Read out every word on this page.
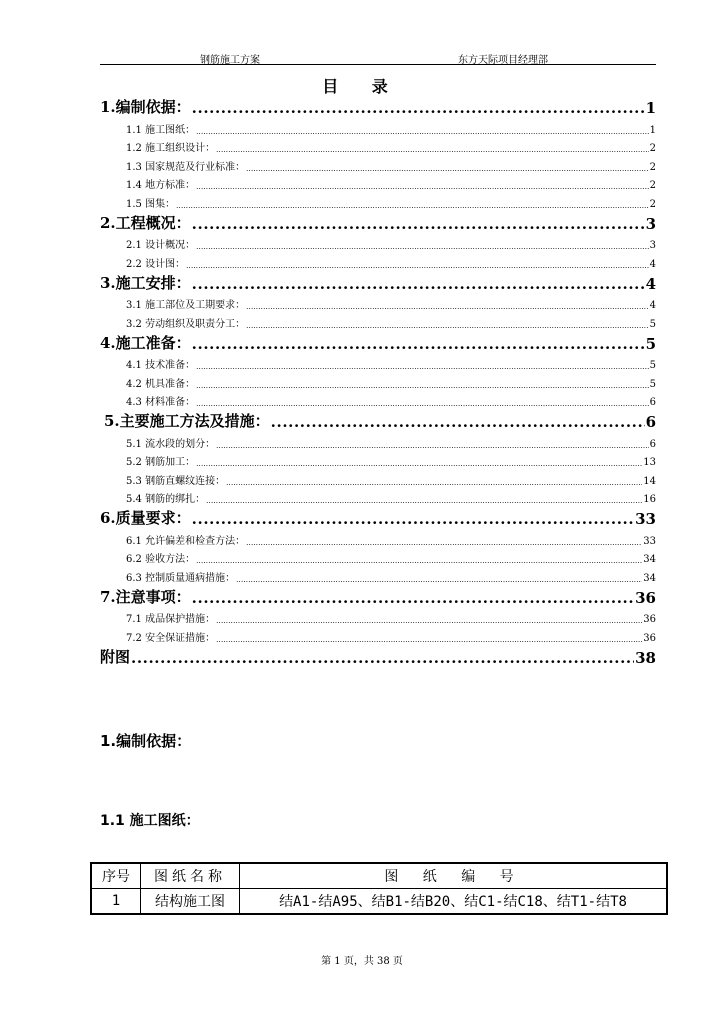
钢筋施工方案	东方天际项目经理部
目 录
1.编制依据： .....	1
1.1 施工图纸： .....	1
1.2 施工组织设计： .....	2
1.3 国家规范及行业标准： .....	2
1.4 地方标准： .....	2
1.5 图集： .....	2
2.工程概况： .....	3
2.1 设计概况： .....	3
2.2 设计图： .....	4
3.施工安排： .....	4
3.1 施工部位及工期要求： .....	4
3.2 劳动组织及职责分工： .....	5
4.施工准备： .....	5
4.1 技术准备： .....	5
4.2 机具准备： .....	5
4.3 材料准备： .....	6
5.主要施工方法及措施： .....	6
5.1 流水段的划分： .....	6
5.2 钢筋加工： .....	13
5.3 钢筋直螺纹连接： .....	14
5.4 钢筋的绑扎： .....	16
6.质量要求： .....	33
6.1 允许偏差和检查方法： .....	33
6.2 验收方法： .....	34
6.3 控制质量通病措施： .....	34
7.注意事项： .....	36
7.1 成品保护措施： .....	36
7.2 安全保证措施： .....	36
附图 .....	38
1.编制依据：
1.1 施工图纸：
序号	图纸名称	图 纸 编 号
1	结构施工图	结A1-结A95、结B1-结B20、结C1-结C18、结T1-结T8
第 1 页，共 38 页
